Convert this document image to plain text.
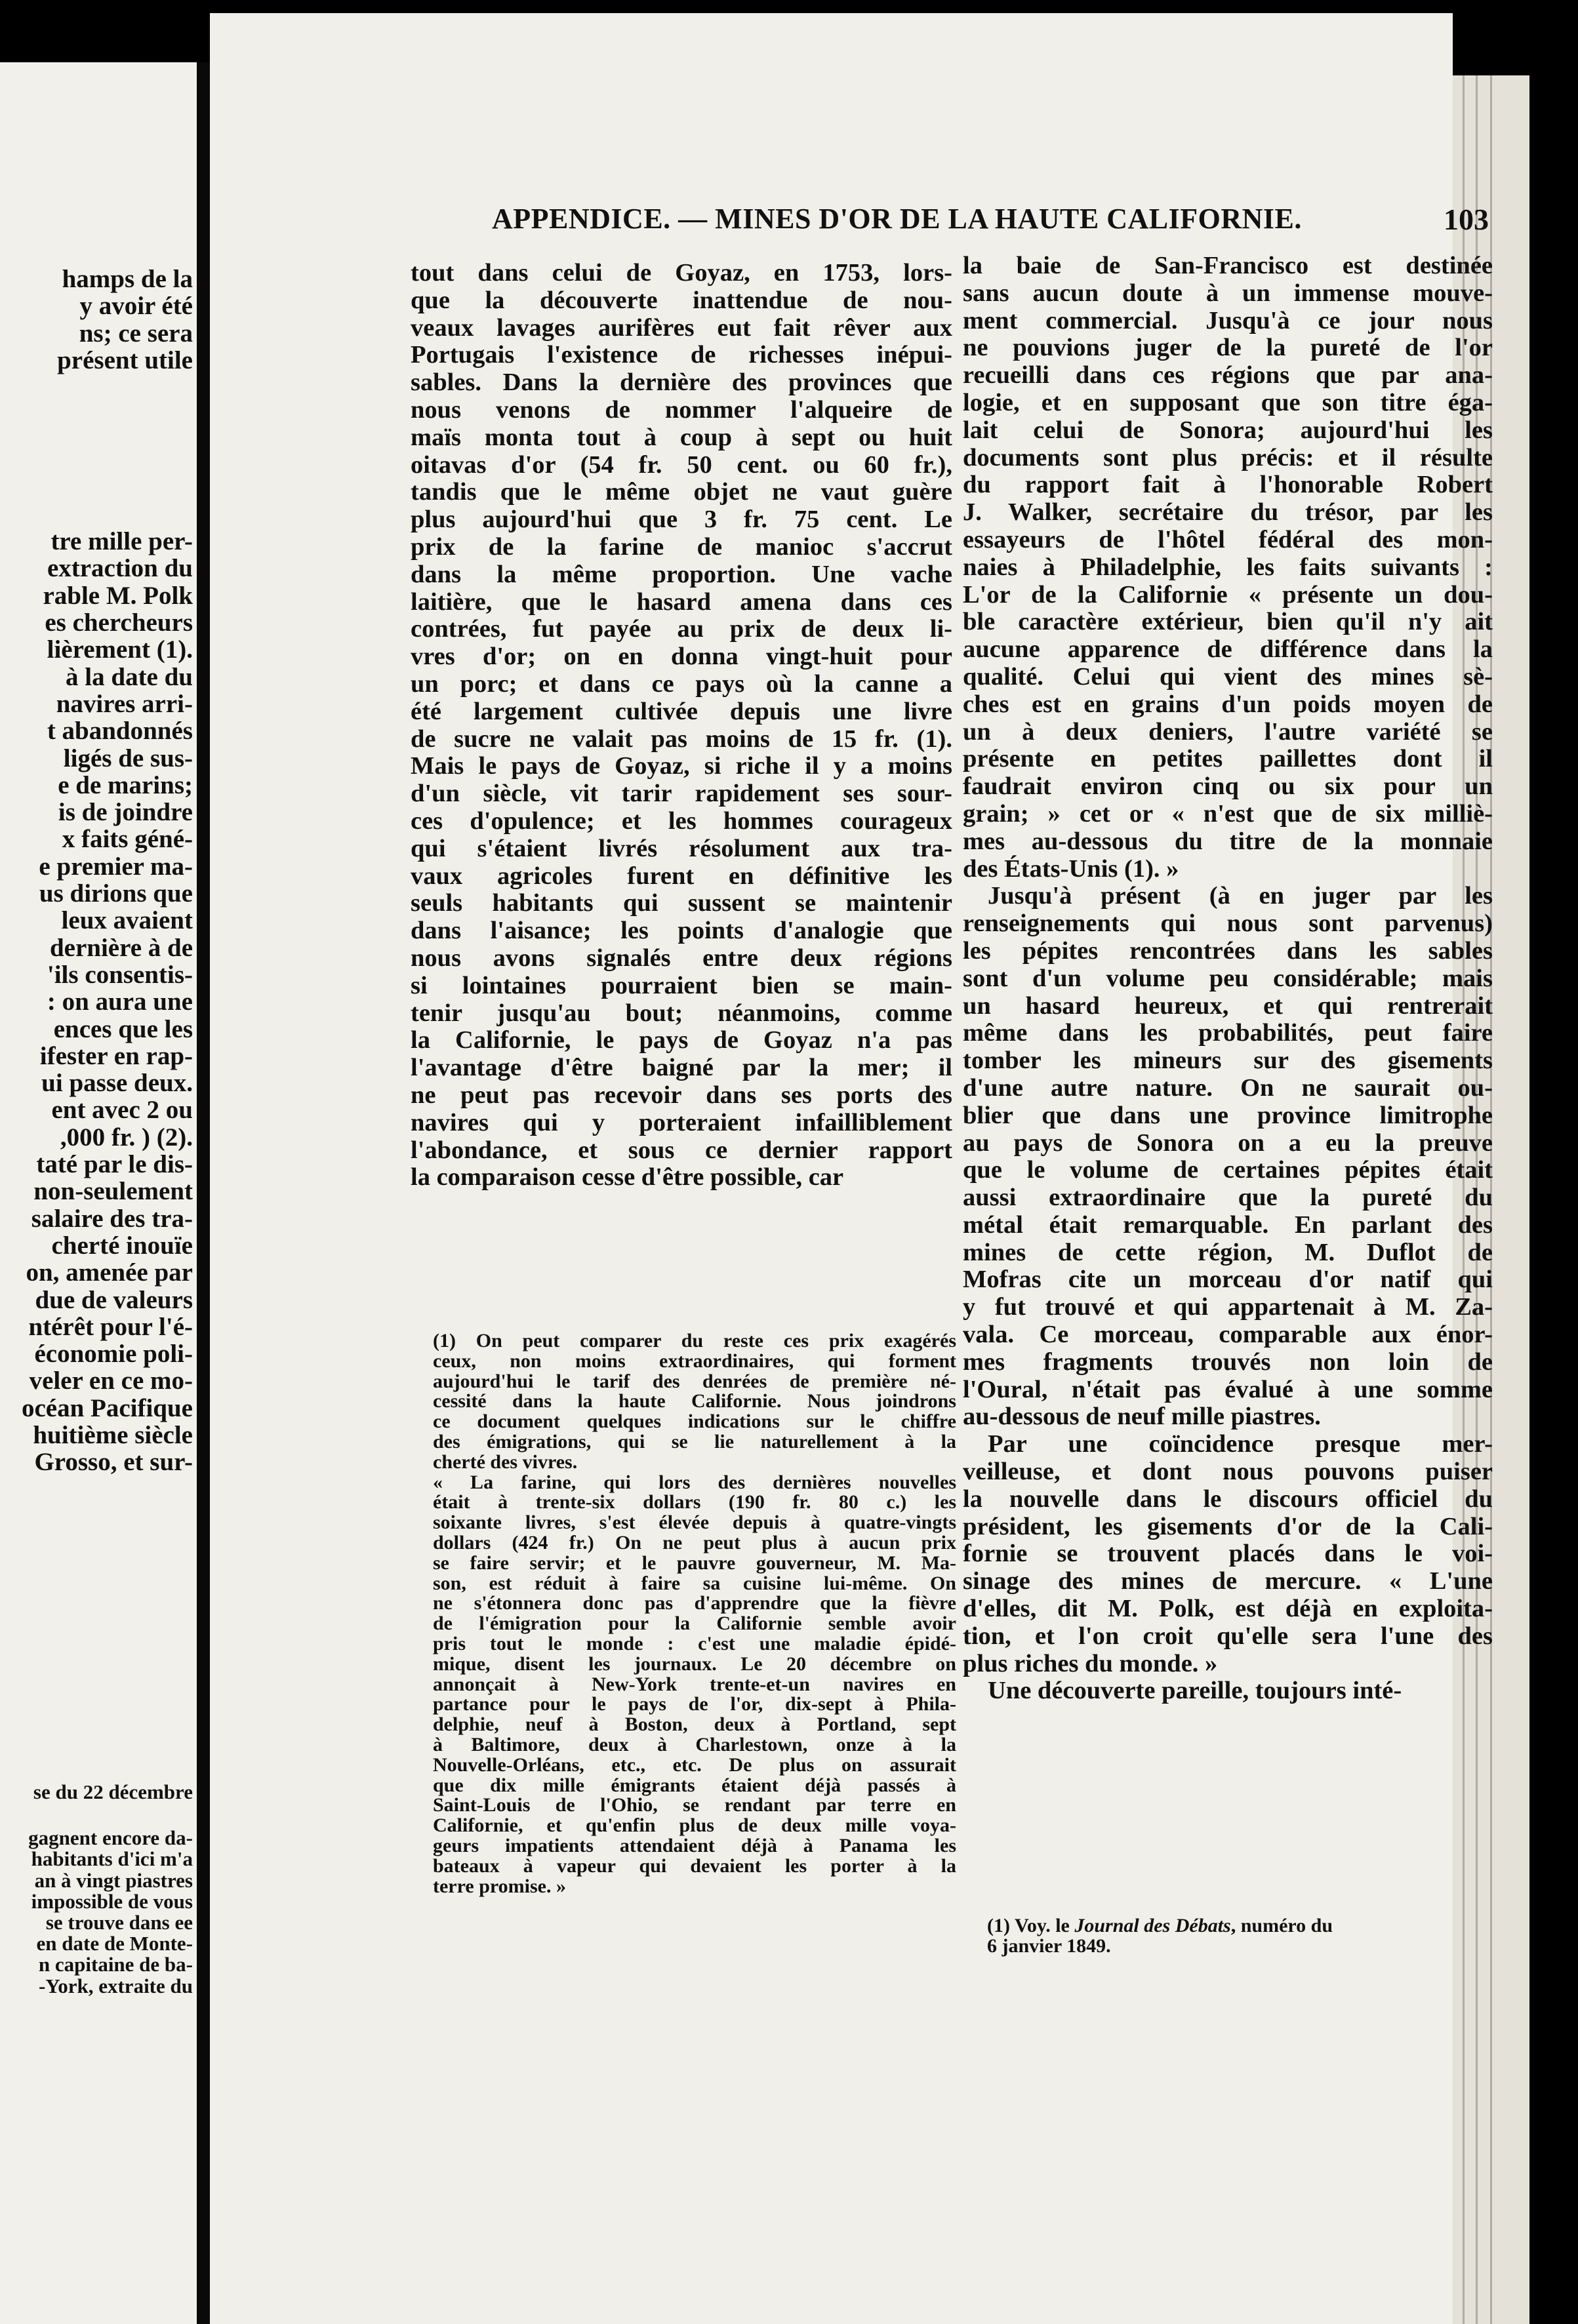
hamps de la
y avoir été
ns; ce sera
présent utile
tre mille per-
extraction du
rable M. Polk
es chercheurs
lièrement (1).
à la date du
navires arri-
t abandonnés
ligés de sus-
e de marins;
is de joindre
x faits géné-
e premier ma-
us dirions que
leux avaient
dernière à de
'ils consentis-
: on aura une
ences que les
ifester en rap-
ui passe deux.
ent avec 2 ou
,000 fr. ) (2).
taté par le dis-
non-seulement
salaire des tra-
cherté inouïe
on, amenée par
due de valeurs
ntérêt pour l'é-
économie poli-
veler en ce mo-
océan Pacifique
huitième siècle
Grosso, et sur-
se du 22 décembre
gagnent encore da-
habitants d'ici m'a
an à vingt piastres
impossible de vous
se trouve dans ee
en date de Monte-
n capitaine de ba-
-York, extraite du
APPENDICE. — MINES D'OR DE LA HAUTE CALIFORNIE.	103
tout dans celui de Goyaz, en 1753, lors-
que la découverte inattendue de nou-
veaux lavages aurifères eut fait rêver aux
Portugais l'existence de richesses inépui-
sables. Dans la dernière des provinces que
nous venons de nommer l'alqueire de
maïs monta tout à coup à sept ou huit
oitavas d'or (54 fr. 50 cent. ou 60 fr.),
tandis que le même objet ne vaut guère
plus aujourd'hui que 3 fr. 75 cent. Le
prix de la farine de manioc s'accrut
dans la même proportion. Une vache
laitière, que le hasard amena dans ces
contrées, fut payée au prix de deux li-
vres d'or; on en donna vingt-huit pour
un porc; et dans ce pays où la canne a
été largement cultivée depuis une livre
de sucre ne valait pas moins de 15 fr. (1).
Mais le pays de Goyaz, si riche il y a moins
d'un siècle, vit tarir rapidement ses sour-
ces d'opulence; et les hommes courageux
qui s'étaient livrés résolument aux tra-
vaux agricoles furent en définitive les
seuls habitants qui sussent se maintenir
dans l'aisance; les points d'analogie que
nous avons signalés entre deux régions
si lointaines pourraient bien se main-
tenir jusqu'au bout; néanmoins, comme
la Californie, le pays de Goyaz n'a pas
l'avantage d'être baigné par la mer; il
ne peut pas recevoir dans ses ports des
navires qui y porteraient infailliblement
l'abondance, et sous ce dernier rapport
la comparaison cesse d'être possible, car
(1) On peut comparer du reste ces prix exagérés
ceux, non moins extraordinaires, qui forment
aujourd'hui le tarif des denrées de première né-
cessité dans la haute Californie. Nous joindrons
ce document quelques indications sur le chiffre
des émigrations, qui se lie naturellement à la
cherté des vivres.
« La farine, qui lors des dernières nouvelles
était à trente-six dollars (190 fr. 80 c.) les
soixante livres, s'est élevée depuis à quatre-vingts
dollars (424 fr.) On ne peut plus à aucun prix
se faire servir; et le pauvre gouverneur, M. Ma-
son, est réduit à faire sa cuisine lui-même. On
ne s'étonnera donc pas d'apprendre que la fièvre
de l'émigration pour la Californie semble avoir
pris tout le monde : c'est une maladie épidé-
mique, disent les journaux. Le 20 décembre on
annonçait à New-York trente-et-un navires en
partance pour le pays de l'or, dix-sept à Phila-
delphie, neuf à Boston, deux à Portland, sept
à Baltimore, deux à Charlestown, onze à la
Nouvelle-Orléans, etc., etc. De plus on assurait
que dix mille émigrants étaient déjà passés à
Saint-Louis de l'Ohio, se rendant par terre en
Californie, et qu'enfin plus de deux mille voya-
geurs impatients attendaient déjà à Panama les
bateaux à vapeur qui devaient les porter à la
terre promise. »
la baie de San-Francisco est destinée
sans aucun doute à un immense mouve-
ment commercial. Jusqu'à ce jour nous
ne pouvions juger de la pureté de l'or
recueilli dans ces régions que par ana-
logie, et en supposant que son titre éga-
lait celui de Sonora; aujourd'hui les
documents sont plus précis: et il résulte
du rapport fait à l'honorable Robert
J. Walker, secrétaire du trésor, par les
essayeurs de l'hôtel fédéral des mon-
naies à Philadelphie, les faits suivants :
L'or de la Californie « présente un dou-
ble caractère extérieur, bien qu'il n'y ait
aucune apparence de différence dans la
qualité. Celui qui vient des mines sè-
ches est en grains d'un poids moyen de
un à deux deniers, l'autre variété se
présente en petites paillettes dont il
faudrait environ cinq ou six pour un
grain; » cet or « n'est que de six milliè-
mes au-dessous du titre de la monnaie
des États-Unis (1). »
Jusqu'à présent (à en juger par les
renseignements qui nous sont parvenus)
les pépites rencontrées dans les sables
sont d'un volume peu considérable; mais
un hasard heureux, et qui rentrerait
même dans les probabilités, peut faire
tomber les mineurs sur des gisements
d'une autre nature. On ne saurait ou-
blier que dans une province limitrophe
au pays de Sonora on a eu la preuve
que le volume de certaines pépites était
aussi extraordinaire que la pureté du
métal était remarquable. En parlant des
mines de cette région, M. Duflot de
Mofras cite un morceau d'or natif qui
y fut trouvé et qui appartenait à M. Za-
vala. Ce morceau, comparable aux énor-
mes fragments trouvés non loin de
l'Oural, n'était pas évalué à une somme
au-dessous de neuf mille piastres.
Par une coïncidence presque mer-
veilleuse, et dont nous pouvons puiser
la nouvelle dans le discours officiel du
président, les gisements d'or de la Cali-
fornie se trouvent placés dans le voi-
sinage des mines de mercure. « L'une
d'elles, dit M. Polk, est déjà en exploita-
tion, et l'on croit qu'elle sera l'une des
plus riches du monde. »
Une découverte pareille, toujours inté-
(1) Voy. le Journal des Débats, numéro du
6 janvier 1849.
